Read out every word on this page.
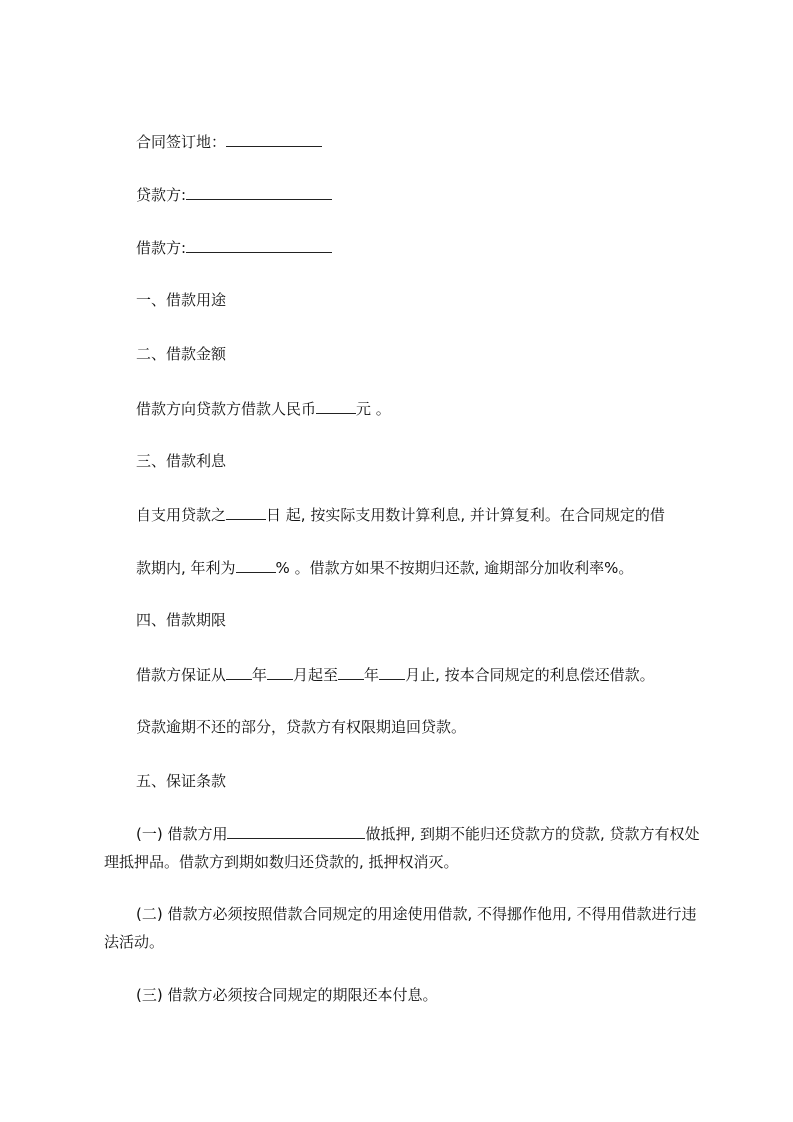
合同签订地：
贷款方:
借款方:
一、借款用途
二、借款金额
借款方向贷款方借款人民币	元 。
三、借款利息
自支用贷款之	日 起, 按实际支用数计算利息, 并计算复利。在合同规定的借
款期内, 年利为	% 。借款方如果不按期归还款, 逾期部分加收利率%。
四、借款期限
借款方保证从 年 月起至 年 月止, 按本合同规定的利息偿还借款。
贷款逾期不还的部分，贷款方有权限期追回贷款。
五、保证条款
(一) 借款方用	做抵押, 到期不能归还贷款方的贷款, 贷款方有权处理抵押品。借款方到期如数归还贷款的, 抵押权消灭。
(二) 借款方必须按照借款合同规定的用途使用借款, 不得挪作他用, 不得用借款进行违法活动。
(三) 借款方必须按合同规定的期限还本付息。
